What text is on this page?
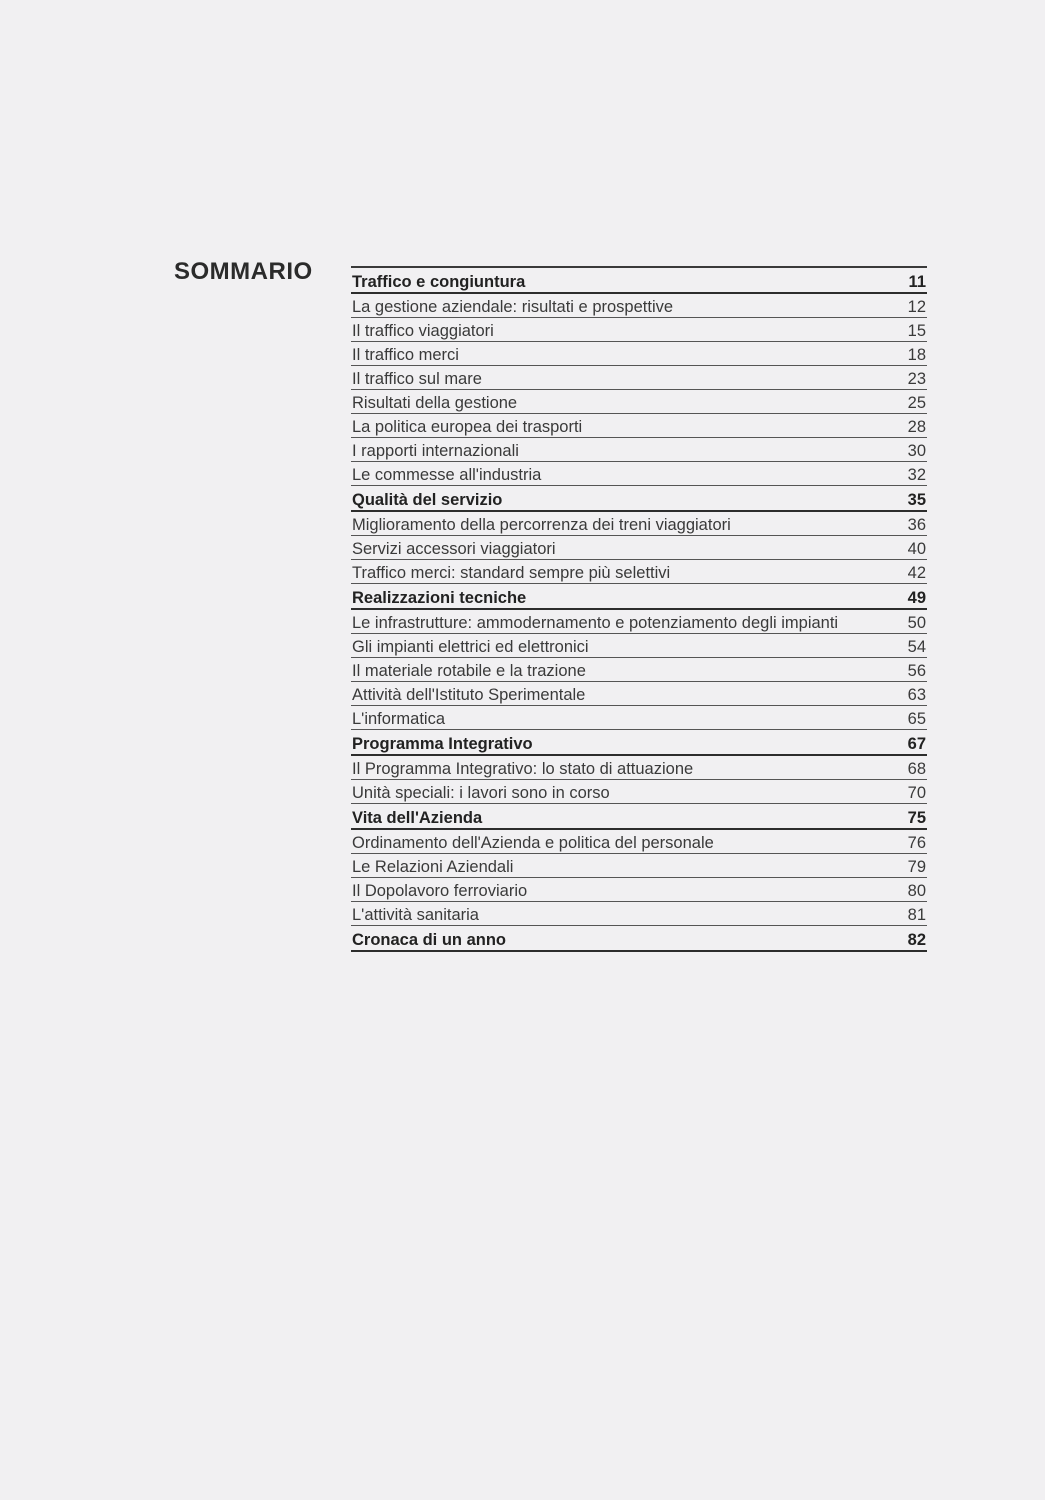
SOMMARIO Traffico e congiuntura	11
La gestione aziendale: risultati e prospettive	12
Il traffico viaggiatori	15
Il traffico merci	18
Il traffico sul mare	23
Risultati della gestione	25
La politica europea dei trasporti	28
I rapporti internazionali	30
Le commesse all'industria	32
Qualità del servizio	35
Miglioramento della percorrenza dei treni viaggiatori	36
Servizi accessori viaggiatori	40
Traffico merci: standard sempre più selettivi	42
Realizzazioni tecniche	49
Le infrastrutture: ammodernamento e potenziamento degli impianti	50
Gli impianti elettrici ed elettronici	54
Il materiale rotabile e la trazione	56
Attività dell'Istituto Sperimentale	63
L'informatica	65
Programma Integrativo	67
Il Programma Integrativo: lo stato di attuazione	68
Unità speciali: i lavori sono in corso	70
Vita dell'Azienda	75
Ordinamento dell'Azienda e politica del personale	76
Le Relazioni Aziendali	79
Il Dopolavoro ferroviario	80
L'attività sanitaria	81
Cronaca di un anno	82
